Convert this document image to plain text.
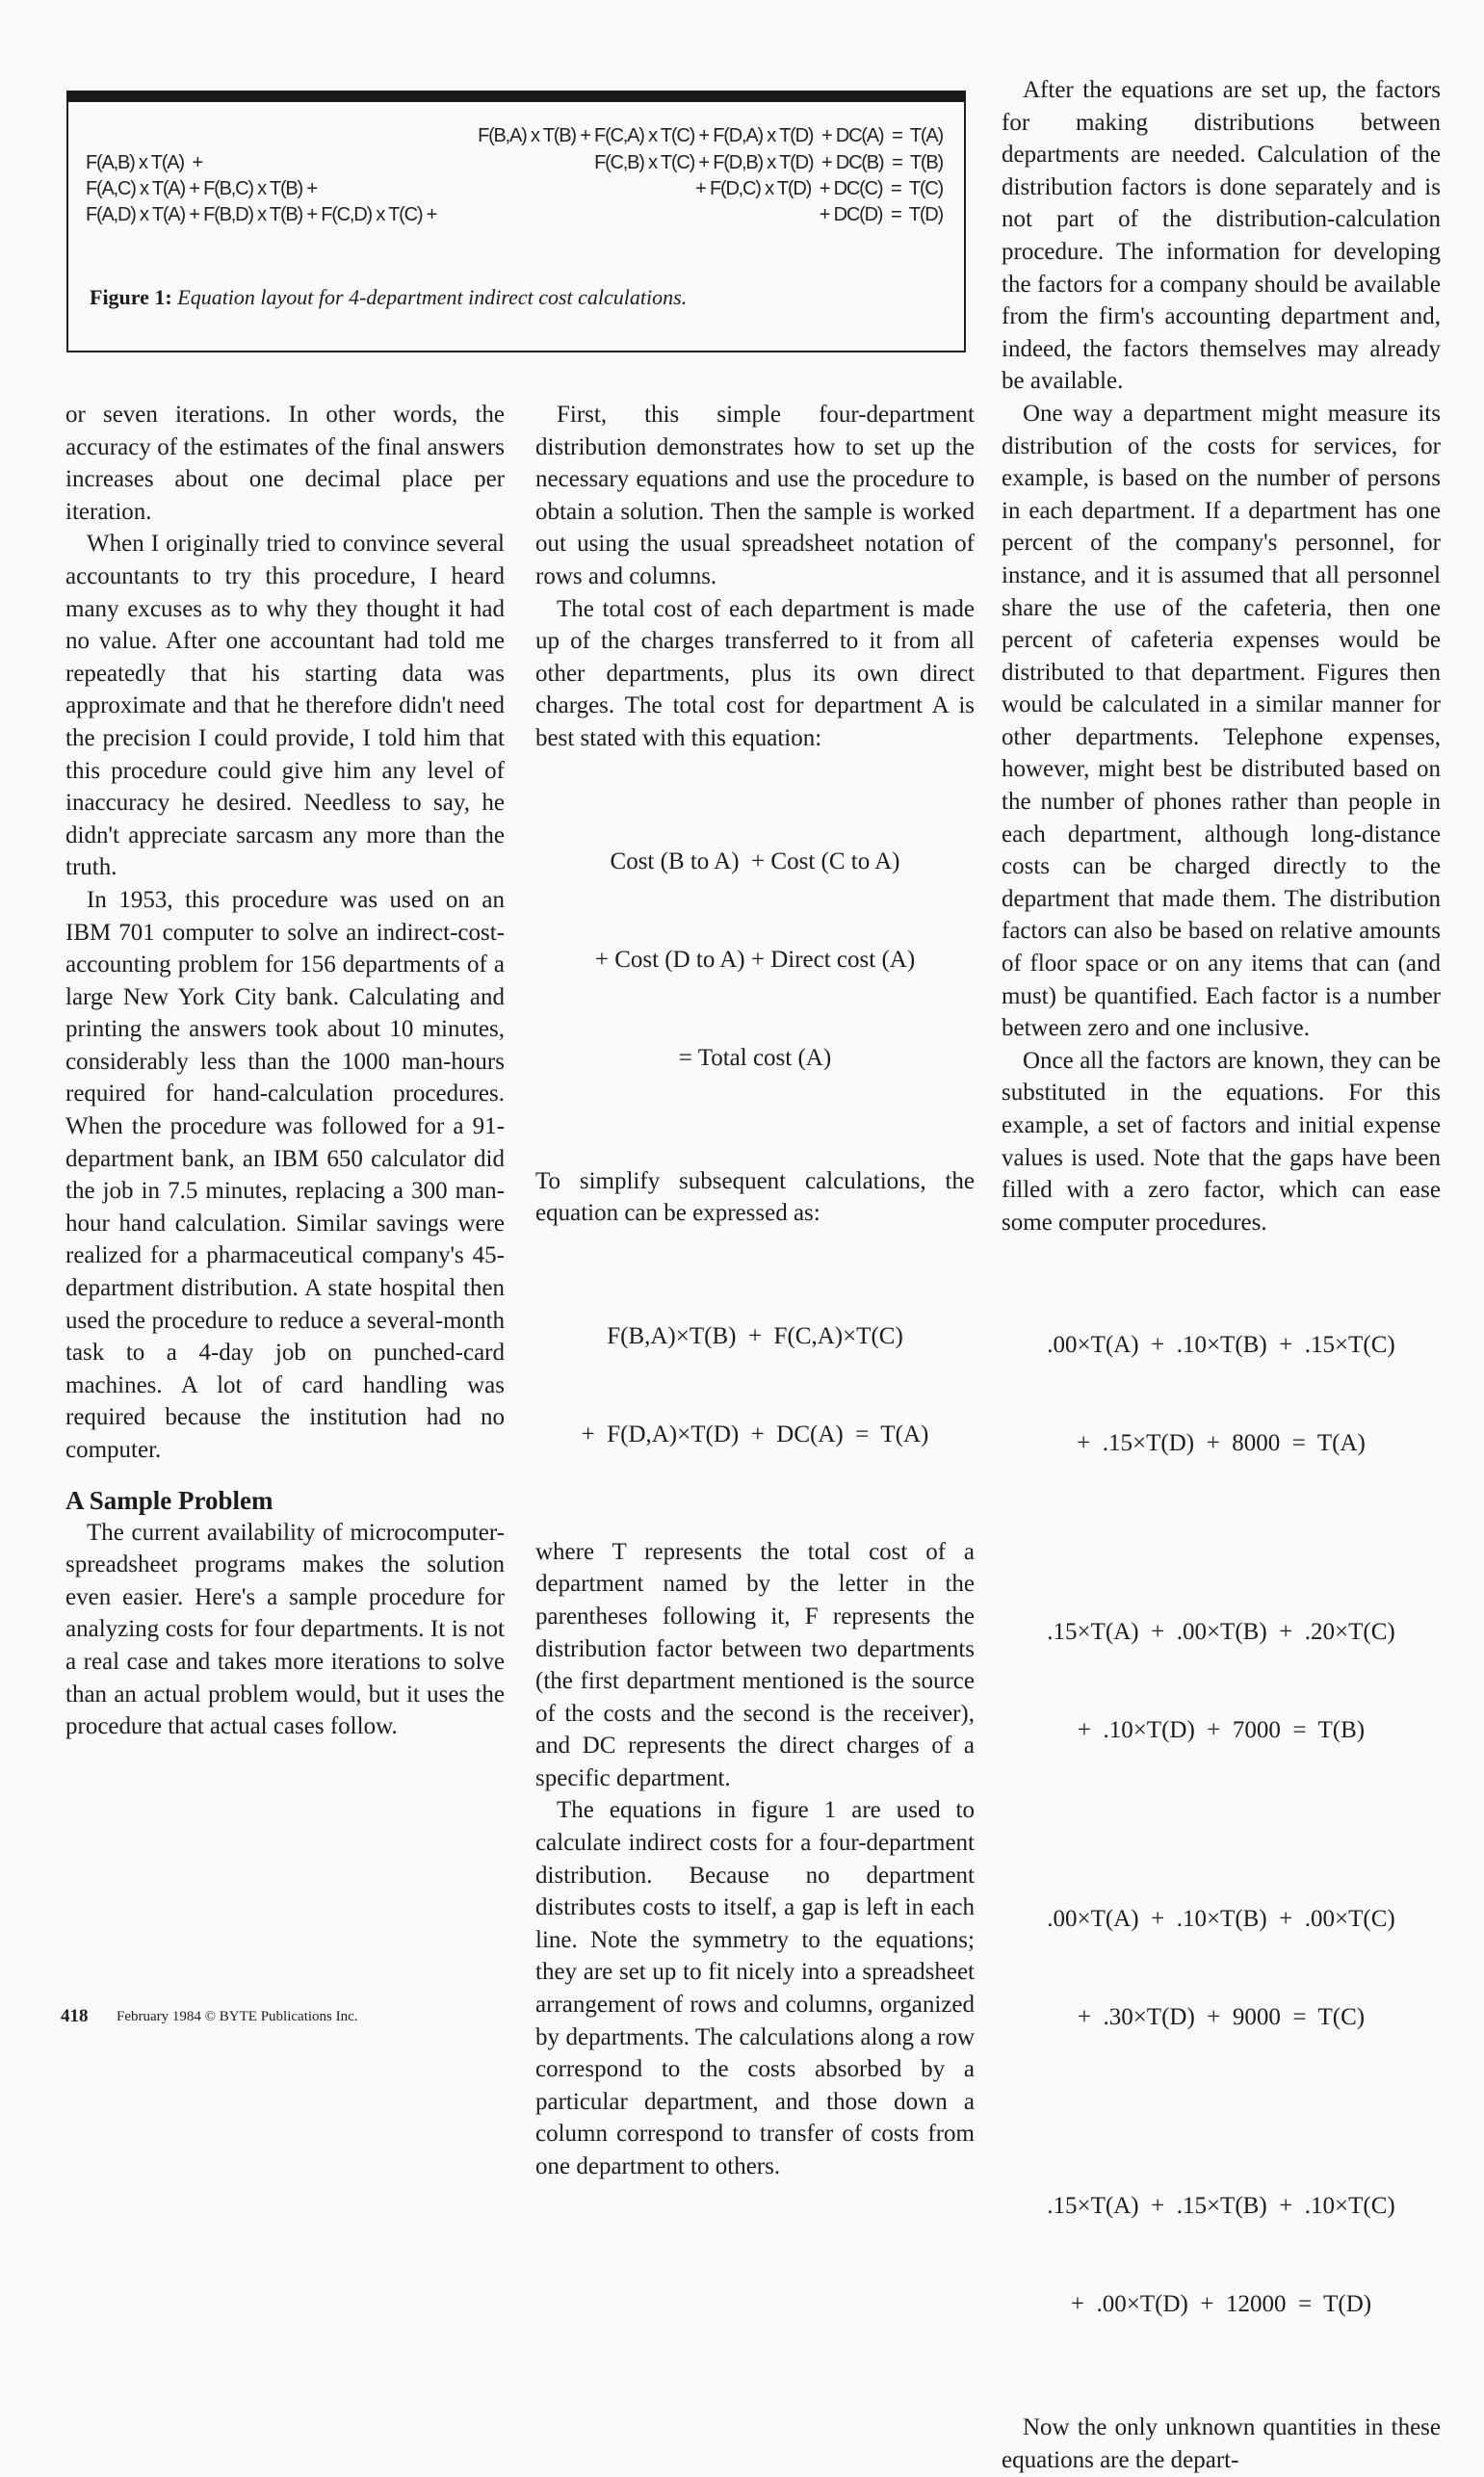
F(B,A) x T(B) + F(C,A) x T(C) + F(D,A) x T(D)  + DC(A)  =  T(A)
F(A,B) x T(A)  +	F(C,B) x T(C) + F(D,B) x T(D)  + DC(B)  =  T(B)
F(A,C) x T(A) + F(B,C) x T(B) +	+ F(D,C) x T(D)  + DC(C)  =  T(C)
F(A,D) x T(A) + F(B,D) x T(B) + F(C,D) x T(C) +	+ DC(D)  =  T(D)
Figure 1: Equation layout for 4-department indirect cost calculations.

or seven iterations. In other words, the accuracy of the estimates of the final answers increases about one decimal place per iteration.

When I originally tried to convince several accountants to try this procedure, I heard many excuses as to why they thought it had no value. After one accountant had told me repeatedly that his starting data was approximate and that he therefore didn't need the precision I could provide, I told him that this procedure could give him any level of inaccuracy he desired. Needless to say, he didn't appreciate sarcasm any more than the truth.

In 1953, this procedure was used on an IBM 701 computer to solve an indirect-cost-accounting problem for 156 departments of a large New York City bank. Calculating and printing the answers took about 10 minutes, considerably less than the 1000 man-hours required for hand-calculation procedures. When the procedure was followed for a 91-department bank, an IBM 650 calculator did the job in 7.5 minutes, replacing a 300 man-hour hand calculation. Similar savings were realized for a pharmaceutical company's 45-department distribution. A state hospital then used the procedure to reduce a several-month task to a 4-day job on punched-card machines. A lot of card handling was required because the institution had no computer.

A Sample Problem

The current availability of microcomputer-spreadsheet programs makes the solution even easier. Here's a sample procedure for analyzing costs for four departments. It is not a real case and takes more iterations to solve than an actual problem would, but it uses the procedure that actual cases follow.

First, this simple four-department distribution demonstrates how to set up the necessary equations and use the procedure to obtain a solution. Then the sample is worked out using the usual spreadsheet notation of rows and columns.

The total cost of each department is made up of the charges transferred to it from all other departments, plus its own direct charges. The total cost for department A is best stated with this equation:

Cost (B to A)  + Cost (C to A)

+ Cost (D to A) + Direct cost (A)

= Total cost (A)

To simplify subsequent calculations, the equation can be expressed as:

F(B,A)×T(B)  +  F(C,A)×T(C)

+  F(D,A)×T(D)  +  DC(A)  =  T(A)

where T represents the total cost of a department named by the letter in the parentheses following it, F represents the distribution factor between two departments (the first department mentioned is the source of the costs and the second is the receiver), and DC represents the direct charges of a specific department.

The equations in figure 1 are used to calculate indirect costs for a four-department distribution. Because no department distributes costs to itself, a gap is left in each line. Note the symmetry to the equations; they are set up to fit nicely into a spreadsheet arrangement of rows and columns, organized by departments. The calculations along a row correspond to the costs absorbed by a particular department, and those down a column correspond to transfer of costs from one department to others.

After the equations are set up, the factors for making distributions between departments are needed. Calculation of the distribution factors is done separately and is not part of the distribution-calculation procedure. The information for developing the factors for a company should be available from the firm's accounting department and, indeed, the factors themselves may already be available.

One way a department might measure its distribution of the costs for services, for example, is based on the number of persons in each department. If a department has one percent of the company's personnel, for instance, and it is assumed that all personnel share the use of the cafeteria, then one percent of cafeteria expenses would be distributed to that department. Figures then would be calculated in a similar manner for other departments. Telephone expenses, however, might best be distributed based on the number of phones rather than people in each department, although long-distance costs can be charged directly to the department that made them. The distribution factors can also be based on relative amounts of floor space or on any items that can (and must) be quantified. Each factor is a number between zero and one inclusive.

Once all the factors are known, they can be substituted in the equations. For this example, a set of factors and initial expense values is used. Note that the gaps have been filled with a zero factor, which can ease some computer procedures.

.00×T(A)  +  .10×T(B)  +  .15×T(C)

+  .15×T(D)  +  8000  =  T(A)

.15×T(A)  +  .00×T(B)  +  .20×T(C)

+  .10×T(D)  +  7000  =  T(B)

.00×T(A)  +  .10×T(B)  +  .00×T(C)

+  .30×T(D)  +  9000  =  T(C)

.15×T(A)  +  .15×T(B)  +  .10×T(C)

+  .00×T(D)  +  12000  =  T(D)

Now the only unknown quantities in these equations are the depart-

418 February 1984 © BYTE Publications Inc.
